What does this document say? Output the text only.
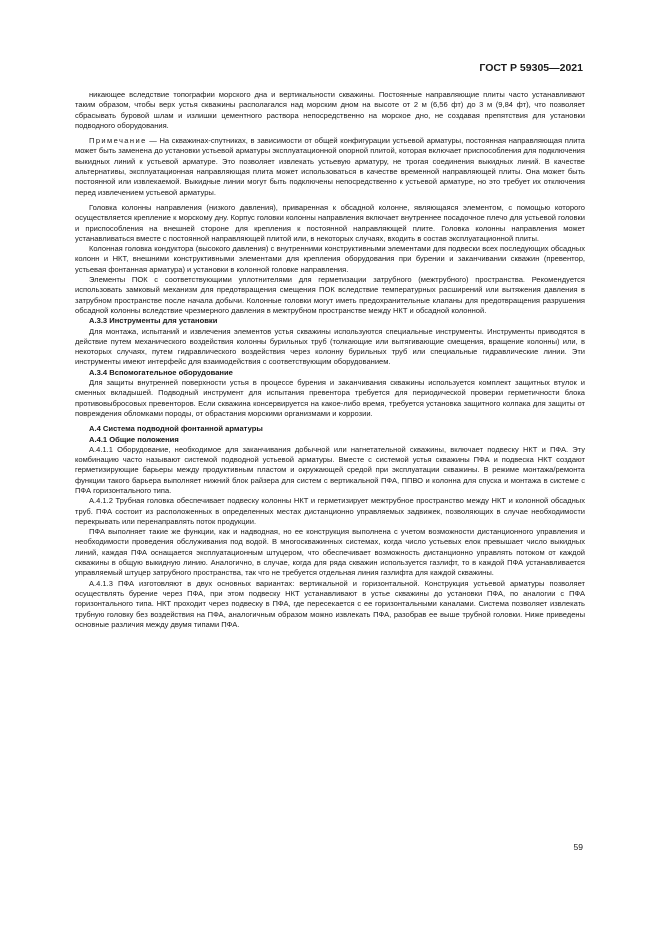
ГОСТ Р 59305—2021

никающее вследствие топографии морского дна и вертикальности скважины. Постоянные направляющие плиты часто устанавливают таким образом, чтобы верх устья скважины располагался над морским дном на высоте от 2 м (6,56 фт) до 3 м (9,84 фт), что позволяет сбрасывать буровой шлам и излишки цементного раствора непосредственно на морское дно, не создавая препятствия для установки подводного оборудования.

Примечание — На скважинах-спутниках, в зависимости от общей конфигурации устьевой арматуры, постоянная направляющая плита может быть заменена до установки устьевой арматуры эксплуатационной опорной плитой, которая включает приспособления для подключения выкидных линий к устьевой арматуре. Это позволяет извлекать устьевую арматуру, не трогая соединения выкидных линий. В качестве альтернативы, эксплуатационная направляющая плита может использоваться в качестве временной направляющей плиты. Она может быть постоянной или извлекаемой. Выкидные линии могут быть подключены непосредственно к устьевой арматуре, но это требует их отключения перед извлечением устьевой арматуры.

Головка колонны направления (низкого давления), приваренная к обсадной колонне, являющаяся элементом, с помощью которого осуществляется крепление к морскому дну. Корпус головки колонны направления включает внутреннее посадочное плечо для устьевой головки и приспособления на внешней стороне для крепления к постоянной направляющей плите. Головка колонны направления может устанавливаться вместе с постоянной направляющей плитой или, в некоторых случаях, входить в состав эксплуатационной плиты.

Колонная головка кондуктора (высокого давления) с внутренними конструктивными элементами для подвески всех последующих обсадных колонн и НКТ, внешними конструктивными элементами для крепления оборудования при бурении и заканчивании скважин (превентор, устьевая фонтанная арматура) и установки в колонной головке направления.

Элементы ПОК с соответствующими уплотнителями для герметизации затрубного (межтрубного) пространства. Рекомендуется использовать замковый механизм для предотвращения смещения ПОК вследствие температурных расширений или вытяжения давления в затрубном пространстве после начала добычи. Колонные головки могут иметь предохранительные клапаны для предотвращения разрушения обсадной колонны вследствие чрезмерного давления в межтрубном пространстве между НКТ и обсадной колонной.

А.3.3 Инструменты для установки

Для монтажа, испытаний и извлечения элементов устья скважины используются специальные инструменты. Инструменты приводятся в действие путем механического воздействия колонны бурильных труб (толкающие или вытягивающие смещения, вращение колонны) или, в некоторых случаях, путем гидравлического воздействия через колонну бурильных труб или специальные гидравлические линии. Эти инструменты имеют интерфейс для взаимодействия с соответствующим оборудованием.

А.3.4 Вспомогательное оборудование

Для защиты внутренней поверхности устья в процессе бурения и заканчивания скважины используется комплект защитных втулок и сменных вкладышей. Подводный инструмент для испытания превентора требуется для периодической проверки герметичности блока противовыбросовых превенторов. Если скважина консервируется на какое-либо время, требуется установка защитного колпака для защиты от повреждения обломками породы, от обрастания морскими организмами и коррозии.

А.4 Система подводной фонтанной арматуры
А.4.1 Общие положения

А.4.1.1 Оборудование, необходимое для заканчивания добычной или нагнетательной скважины, включает подвеску НКТ и ПФА. Эту комбинацию часто называют системой подводной устьевой арматуры. Вместе с системой устья скважины ПФА и подвеска НКТ создают герметизирующие барьеры между продуктивным пластом и окружающей средой при эксплуатации скважины. В режиме монтажа/ремонта функции такого барьера выполняет нижний блок райзера для систем с вертикальной ПФА, ППВО и колонна для спуска и монтажа в системе с ПФА горизонтального типа.

А.4.1.2 Трубная головка обеспечивает подвеску колонны НКТ и герметизирует межтрубное пространство между НКТ и колонной обсадных труб. ПФА состоит из расположенных в определенных местах дистанционно управляемых задвижек, позволяющих в случае необходимости перекрывать или перенаправлять поток продукции.

ПФА выполняет такие же функции, как и надводная, но ее конструкция выполнена с учетом возможности дистанционного управления и необходимости проведения обслуживания под водой. В многоскважинных системах, когда число устьевых елок превышает число выкидных линий, каждая ПФА оснащается эксплуатационным штуцером, что обеспечивает возможность дистанционно управлять потоком от каждой скважины в общую выкидную линию. Аналогично, в случае, когда для ряда скважин используется газлифт, то в каждой ПФА устанавливается управляемый штуцер затрубного пространства, так что не требуется отдельная линия газлифта для каждой скважины.

А.4.1.3 ПФА изготовляют в двух основных вариантах: вертикальной и горизонтальной. Конструкция устьевой арматуры позволяет осуществлять бурение через ПФА, при этом подвеску НКТ устанавливают в устье скважины до установки ПФА, по аналогии с ПФА горизонтального типа. НКТ проходит через подвеску в ПФА, где пересекается с ее горизонтальными каналами. Система позволяет извлекать трубную головку без воздействия на ПФА, аналогичным образом можно извлекать ПФА, разобрав ее выше трубной головки. Ниже приведены основные различия между двумя типами ПФА.

59
